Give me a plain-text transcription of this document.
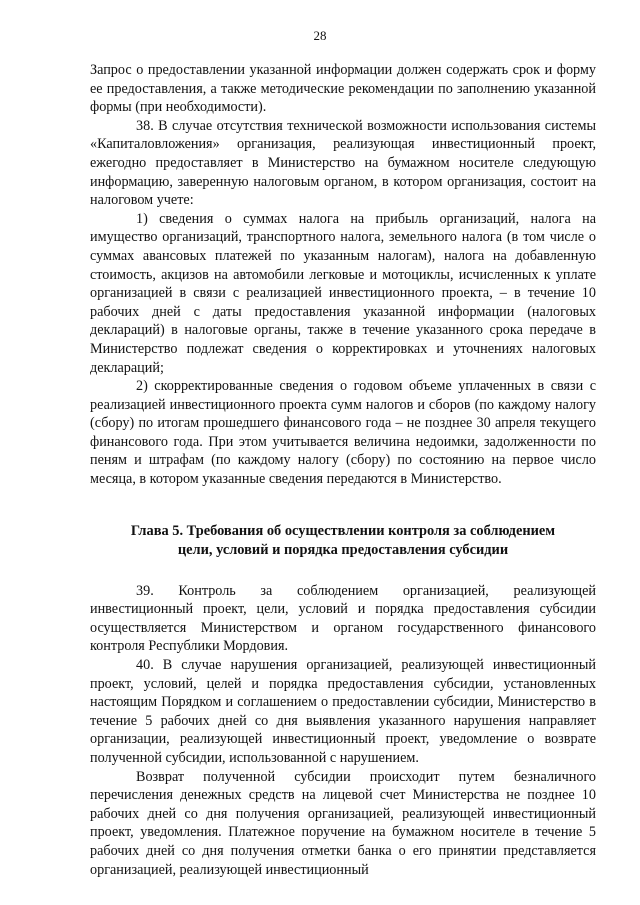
28

Запрос о предоставлении указанной информации должен содержать срок и форму ее предоставления, а также методические рекомендации по заполнению указанной формы (при необходимости).

38. В случае отсутствия технической возможности использования системы «Капиталовложения» организация, реализующая инвестиционный проект, ежегодно предоставляет в Министерство на бумажном носителе следующую информацию, заверенную налоговым органом, в котором организация, состоит на налоговом учете:

1) сведения о суммах налога на прибыль организаций, налога на имущество организаций, транспортного налога, земельного налога (в том числе о суммах авансовых платежей по указанным налогам), налога на добавленную стоимость, акцизов на автомобили легковые и мотоциклы, исчисленных к уплате организацией в связи с реализацией инвестиционного проекта, – в течение 10 рабочих дней с даты предоставления указанной информации (налоговых деклараций) в налоговые органы, также в течение указанного срока передаче в Министерство подлежат сведения о корректировках и уточнениях налоговых деклараций;

2) скорректированные сведения о годовом объеме уплаченных в связи с реализацией инвестиционного проекта сумм налогов и сборов (по каждому налогу (сбору) по итогам прошедшего финансового года – не позднее 30 апреля текущего финансового года. При этом учитывается величина недоимки, задолженности по пеням и штрафам (по каждому налогу (сбору) по состоянию на первое число месяца, в котором указанные сведения передаются в Министерство.

Глава 5. Требования об осуществлении контроля за соблюдением
цели, условий и порядка предоставления субсидии

39. Контроль за соблюдением организацией, реализующей инвестиционный проект, цели, условий и порядка предоставления субсидии осуществляется Министерством и органом государственного финансового контроля Республики Мордовия.

40. В случае нарушения организацией, реализующей инвестиционный проект, условий, целей и порядка предоставления субсидии, установленных настоящим Порядком и соглашением о предоставлении субсидии, Министерство в течение 5 рабочих дней со дня выявления указанного нарушения направляет организации, реализующей инвестиционный проект, уведомление о возврате полученной субсидии, использованной с нарушением.

Возврат полученной субсидии происходит путем безналичного перечисления денежных средств на лицевой счет Министерства не позднее 10 рабочих дней со дня получения организацией, реализующей инвестиционный проект, уведомления. Платежное поручение на бумажном носителе в течение 5 рабочих дней со дня получения отметки банка о его принятии представляется организацией, реализующей инвестиционный
